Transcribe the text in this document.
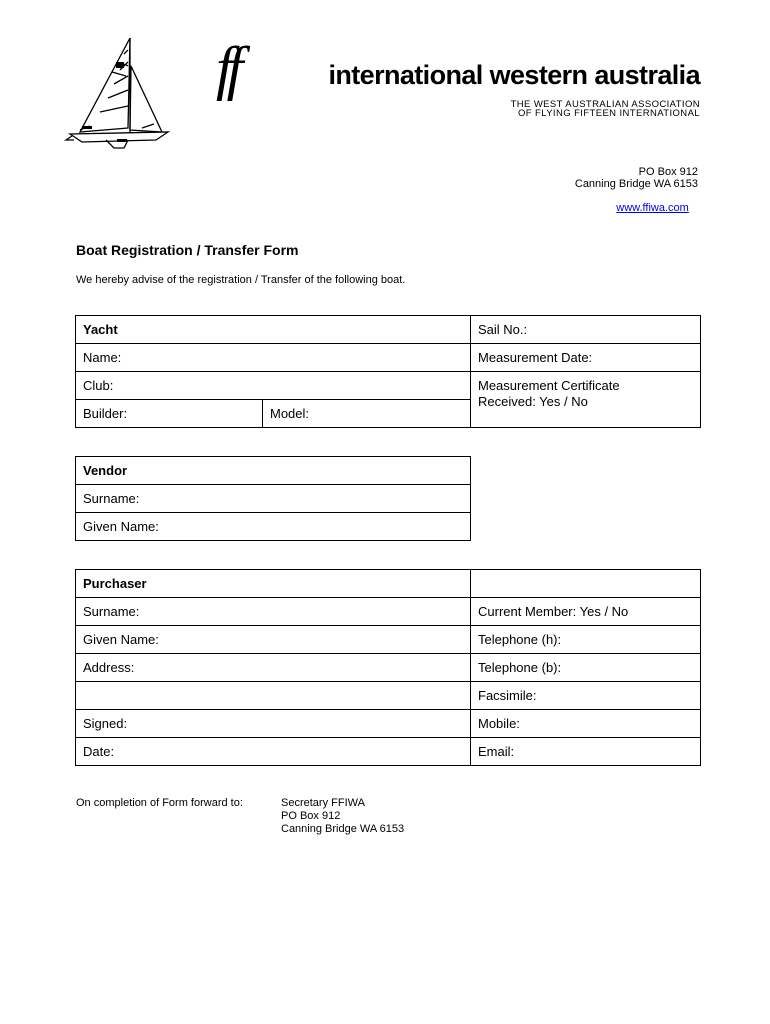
ff	international western australia
THE WEST AUSTRALIAN ASSOCIATION
OF FLYING FIFTEEN INTERNATIONAL
PO Box 912
Canning Bridge WA 6153
www.ffiwa.com
Boat Registration / Transfer Form
We hereby advise of the registration / Transfer of the following boat.
Yacht		Sail No.:
Name:		Measurement Date:
Club:		Measurement Certificate
Received: Yes / No

Builder:	Model:	
Vendor
Surname:
Given Name:
Purchaser	
Surname:	Current Member: Yes / No
Given Name:	Telephone (h):
Address:	Telephone (b):
	Facsimile:
Signed:	Mobile:
Date:	Email:
On completion of Form forward to:	Secretary FFIWA
PO Box 912
Canning Bridge WA 6153
